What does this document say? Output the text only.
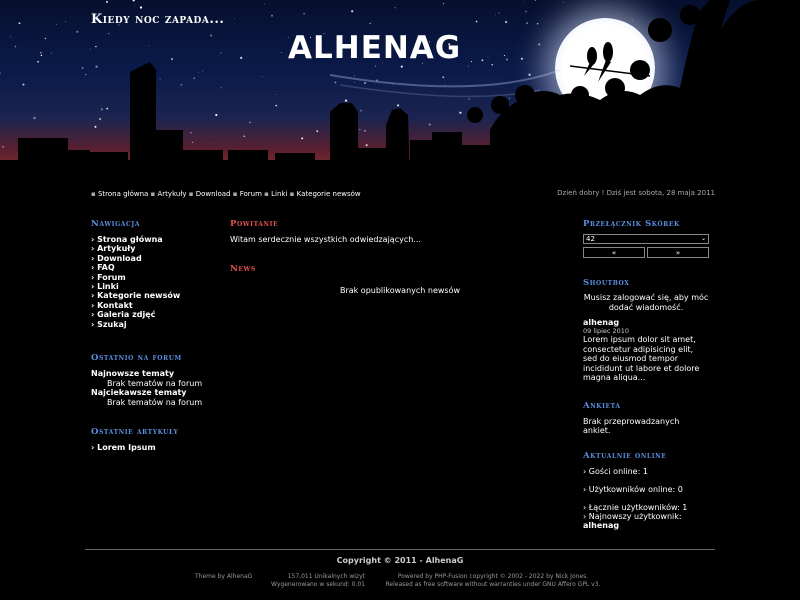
Kiedy noc zapada...
ALHENAG
▪ Strona główna ▪ Artykuły ▪ Download ▪ Forum ▪ Linki ▪ Kategorie newsów	Dzień dobry ! Dziś jest sobota, 28 maja 2011
Nawigacja
› Strona główna
› Artykuły
› Download
› FAQ
› Forum
› Linki
› Kategorie newsów
› Kontakt
› Galeria zdjęć
› Szukaj
Ostatnio na forum
Najnowsze tematy
Brak tematów na forum
Najciekawsze tematy
Brak tematów na forum
Ostatnie artykuły
› Lorem Ipsum
Powitanie
Witam serdecznie wszystkich odwiedzających...
News
Brak opublikowanych newsów
Przełącznik Skórek
42	⌄
«	»
Shoutbox
Musisz zalogować się, aby móc dodać wiadomość.
alhenag
09 lipiec 2010
Lorem ipsum dolor sit amet, consectetur adipisicing elit, sed do eiusmod tempor incididunt ut labore et dolore magna aliqua...
Ankieta
Brak przeprowadzanych ankiet.
Aktualnie online
› Gości online: 1
› Użytkowników online: 0
› Łącznie użytkowników: 1
› Najnowszy użytkownik:
alhenag
Copyright © 2011 - AlhenaG
Theme by AlhenaG	157,011 Unikalnych wizyt
Wygenerowano w sekund: 0.01
Powered by PHP-Fusion copyright © 2002 - 2022 by Nick Jones.
Released as free software without warranties under GNU Affero GPL v3.
